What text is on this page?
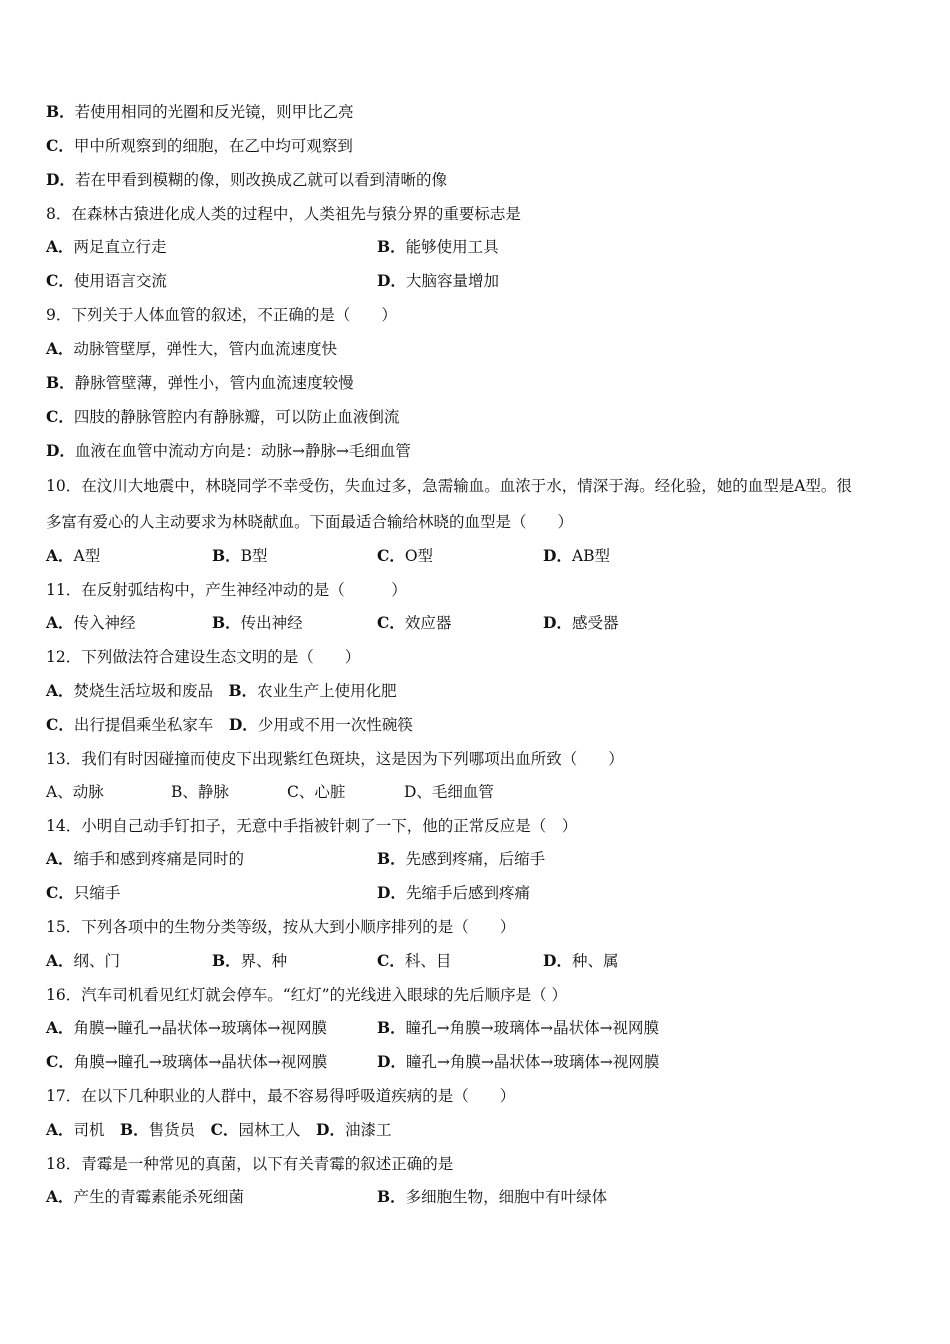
B．若使用相同的光圈和反光镜，则甲比乙亮
C．甲中所观察到的细胞，在乙中均可观察到
D．若在甲看到模糊的像，则改换成乙就可以看到清晰的像
8．在森林古猿进化成人类的过程中，人类祖先与猿分界的重要标志是
A．两足直立行走	B．能够使用工具
C．使用语言交流	D．大脑容量增加
9．下列关于人体血管的叙述，不正确的是（　　）
A．动脉管壁厚，弹性大，管内血流速度快
B．静脉管壁薄，弹性小，管内血流速度较慢
C．四肢的静脉管腔内有静脉瓣，可以防止血液倒流
D．血液在血管中流动方向是：动脉→静脉→毛细血管
10．在汶川大地震中，林晓同学不幸受伤，失血过多，急需输血。血浓于水，情深于海。经化验，她的血型是A型。很
多富有爱心的人主动要求为林晓献血。下面最适合输给林晓的血型是（　　）
A．A型	B．B型	C．O型	D．AB型
11．在反射弧结构中，产生神经冲动的是（　　　）
A．传入神经	B．传出神经	C．效应器	D．感受器
12．下列做法符合建设生态文明的是（　　）
A．焚烧生活垃圾和废品　B．农业生产上使用化肥
C．出行提倡乘坐私家车　D．少用或不用一次性碗筷
13．我们有时因碰撞而使皮下出现紫红色斑块，这是因为下列哪项出血所致（　　）
A、动脉	B、静脉	C、心脏	D、毛细血管
14．小明自己动手钉扣子，无意中手指被针刺了一下，他的正常反应是（　）
A．缩手和感到疼痛是同时的	B．先感到疼痛，后缩手
C．只缩手	D．先缩手后感到疼痛
15．下列各项中的生物分类等级，按从大到小顺序排列的是（　　）
A．纲、门	B．界、种	C．科、目	D．种、属
16．汽车司机看见红灯就会停车。“红灯”的光线进入眼球的先后顺序是（ ）
A．角膜→瞳孔→晶状体→玻璃体→视网膜	B．瞳孔→角膜→玻璃体→晶状体→视网膜
C．角膜→瞳孔→玻璃体→晶状体→视网膜	D．瞳孔→角膜→晶状体→玻璃体→视网膜
17．在以下几种职业的人群中，最不容易得呼吸道疾病的是（　　）
A．司机　B．售货员　C．园林工人　D．油漆工
18．青霉是一种常见的真菌，以下有关青霉的叙述正确的是
A．产生的青霉素能杀死细菌	B．多细胞生物，细胞中有叶绿体
